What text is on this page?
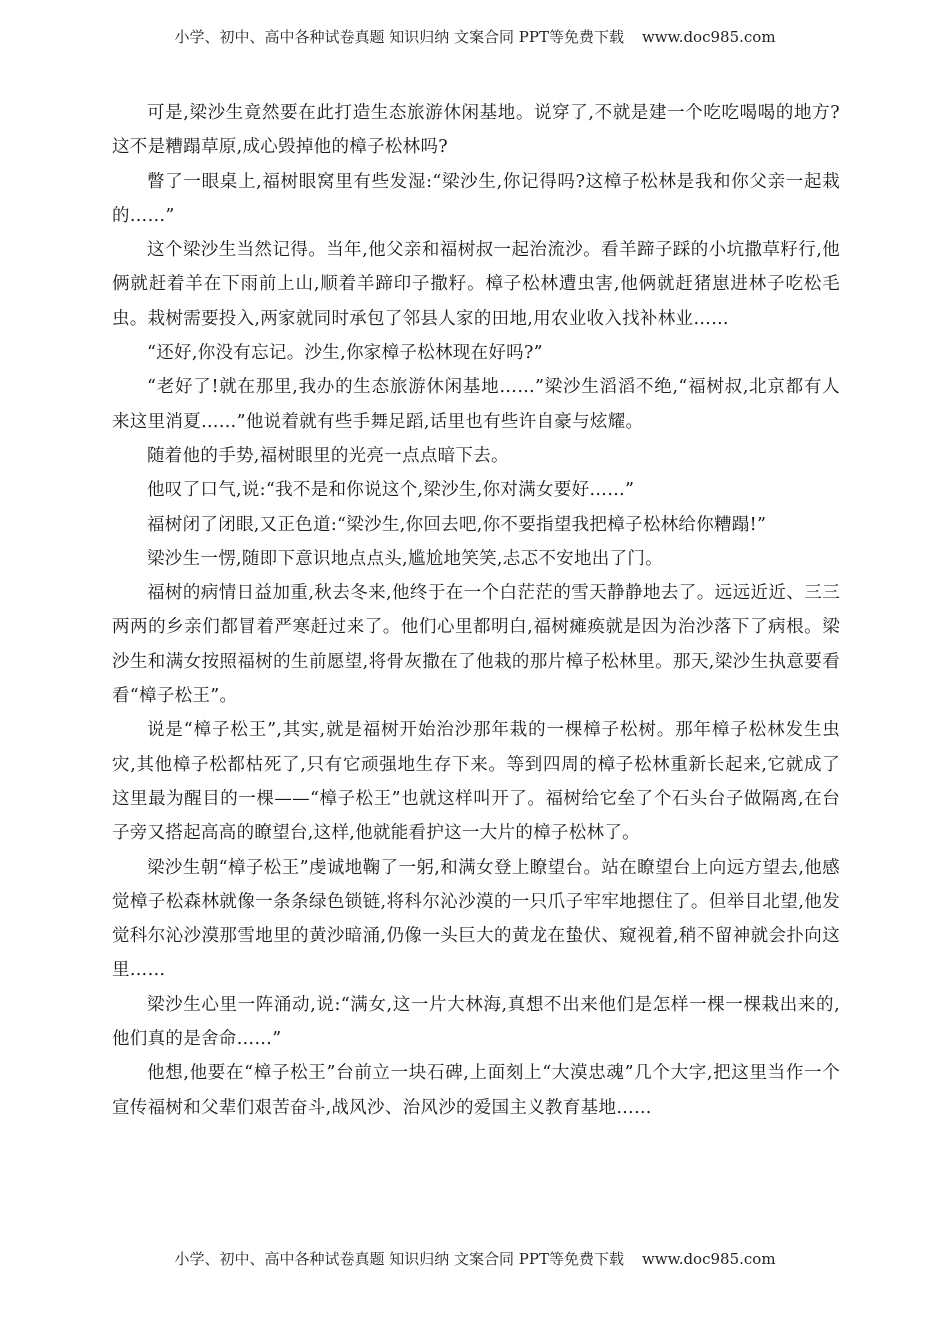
小学、初中、高中各种试卷真题 知识归纳 文案合同 PPT等免费下载 www.doc985.com

可是,梁沙生竟然要在此打造生态旅游休闲基地。说穿了,不就是建一个吃吃喝喝的地方?这不是糟蹋草原,成心毁掉他的樟子松林吗?

瞥了一眼桌上,福树眼窝里有些发湿:“梁沙生,你记得吗?这樟子松林是我和你父亲一起栽的……”

这个梁沙生当然记得。当年,他父亲和福树叔一起治流沙。看羊蹄子踩的小坑撒草籽行,他俩就赶着羊在下雨前上山,顺着羊蹄印子撒籽。樟子松林遭虫害,他俩就赶猪崽进林子吃松毛虫。栽树需要投入,两家就同时承包了邻县人家的田地,用农业收入找补林业……

“还好,你没有忘记。沙生,你家樟子松林现在好吗?”

“老好了!就在那里,我办的生态旅游休闲基地……”梁沙生滔滔不绝,“福树叔,北京都有人来这里消夏……”他说着就有些手舞足蹈,话里也有些许自豪与炫耀。

随着他的手势,福树眼里的光亮一点点暗下去。

他叹了口气,说:“我不是和你说这个,梁沙生,你对满女要好……”

福树闭了闭眼,又正色道:“梁沙生,你回去吧,你不要指望我把樟子松林给你糟蹋!”

梁沙生一愣,随即下意识地点点头,尴尬地笑笑,忐忑不安地出了门。

福树的病情日益加重,秋去冬来,他终于在一个白茫茫的雪天静静地去了。远远近近、三三两两的乡亲们都冒着严寒赶过来了。他们心里都明白,福树瘫痪就是因为治沙落下了病根。梁沙生和满女按照福树的生前愿望,将骨灰撒在了他栽的那片樟子松林里。那天,梁沙生执意要看看“樟子松王”。

说是“樟子松王”,其实,就是福树开始治沙那年栽的一棵樟子松树。那年樟子松林发生虫灾,其他樟子松都枯死了,只有它顽强地生存下来。等到四周的樟子松林重新长起来,它就成了这里最为醒目的一棵——“樟子松王”也就这样叫开了。福树给它垒了个石头台子做隔离,在台子旁又搭起高高的瞭望台,这样,他就能看护这一大片的樟子松林了。

梁沙生朝“樟子松王”虔诚地鞠了一躬,和满女登上瞭望台。站在瞭望台上向远方望去,他感觉樟子松森林就像一条条绿色锁链,将科尔沁沙漠的一只爪子牢牢地摁住了。但举目北望,他发觉科尔沁沙漠那雪地里的黄沙暗涌,仍像一头巨大的黄龙在蛰伏、窥视着,稍不留神就会扑向这里……

梁沙生心里一阵涌动,说:“满女,这一片大林海,真想不出来他们是怎样一棵一棵栽出来的,他们真的是舍命……”

他想,他要在“樟子松王”台前立一块石碑,上面刻上“大漠忠魂”几个大字,把这里当作一个宣传福树和父辈们艰苦奋斗,战风沙、治风沙的爱国主义教育基地……

小学、初中、高中各种试卷真题 知识归纳 文案合同 PPT等免费下载 www.doc985.com
